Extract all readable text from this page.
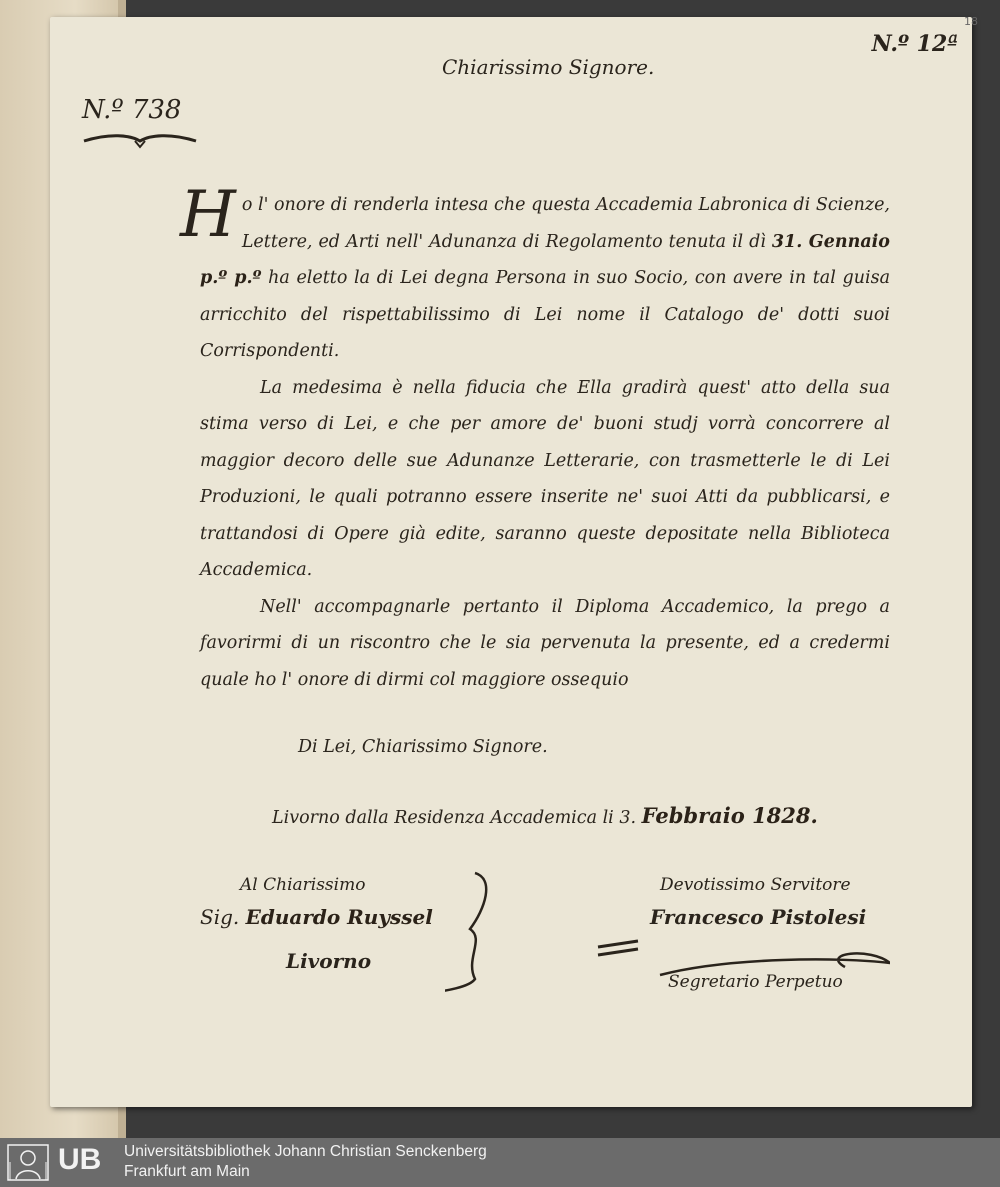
Chiarissimo Signore.
N.º 12ª
18
N.º 738

H o l' onore di renderla intesa che questa Accademia Labronica di Scienze, Lettere, ed Arti nell' Adunanza di Regolamento tenuta il dì 31. Gennaio p.º p.º ha eletto la di Lei degna Persona in suo Socio, con avere in tal guisa arricchito del rispettabilissimo di Lei nome il Catalogo de' dotti suoi Corrispondenti.

La medesima è nella fiducia che Ella gradirà quest' atto della sua stima verso di Lei, e che per amore de' buoni studj vorrà concorrere al maggior decoro delle sue Adunanze Letterarie, con trasmetterle le di Lei Produzioni, le quali potranno essere inserite ne' suoi Atti da pubblicarsi, e trattandosi di Opere già edite, saranno queste depositate nella Biblioteca Accademica.

Nell' accompagnarle pertanto il Diploma Accademico, la prego a favorirmi di un riscontro che le sia pervenuta la presente, ed a credermi quale ho l' onore di dirmi col maggiore ossequio

Di Lei, Chiarissimo Signore.
Livorno dalla Residenza Accademica li 3. Febbraio 1828.
Al Chiarissimo
Sig. Eduardo Ruyssel
Livorno
Devotissimo Servitore
Francesco Pistolesi
Segretario Perpetuo
UB Universitätsbibliothek Johann Christian Senckenberg
Frankfurt am Main
